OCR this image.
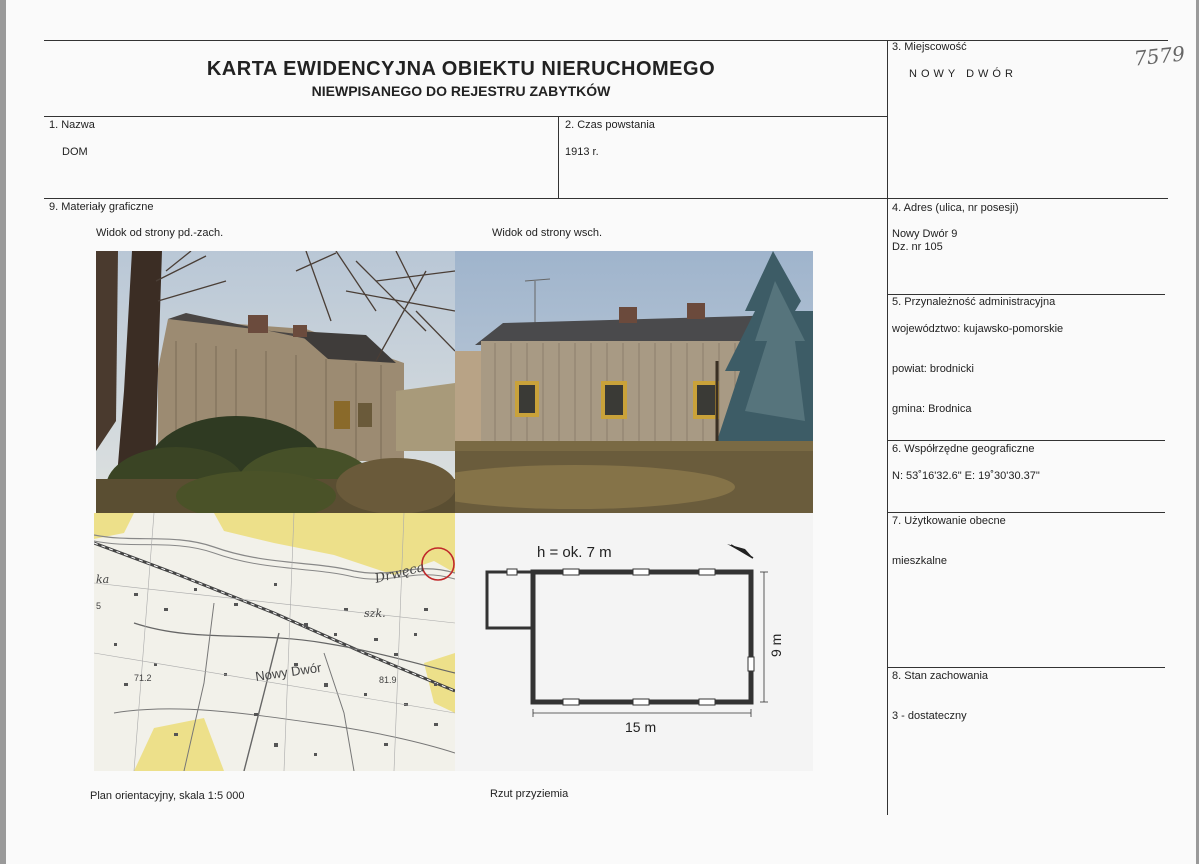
KARTA EWIDENCYJNA OBIEKTU NIERUCHOMEGO
NIEWPISANEGO DO REJESTRU ZABYTKÓW
7579
1. Nazwa
DOM
2. Czas powstania
1913 r.
3. Miejscowość
NOWY DWÓR
4. Adres (ulica, nr posesji)
Nowy Dwór 9
Dz. nr 105
5. Przynależność administracyjna
województwo: kujawsko-pomorskie
powiat: brodnicki
gmina: Brodnica
6. Współrzędne geograficzne
N: 53˚16'32.6" E: 19˚30'30.37"
7. Użytkowanie obecne
mieszkalne
8. Stan zachowania
3 - dostateczny
9. Materiały graficzne
Widok od strony pd.-zach.	Widok od strony wsch.
Plan orientacyjny, skala 1:5 000	Rzut przyziemia
Drwęca
Nowy Dwór	81.9
71.2
szk.
ka
5
h = ok. 7 m
15 m
9 m
